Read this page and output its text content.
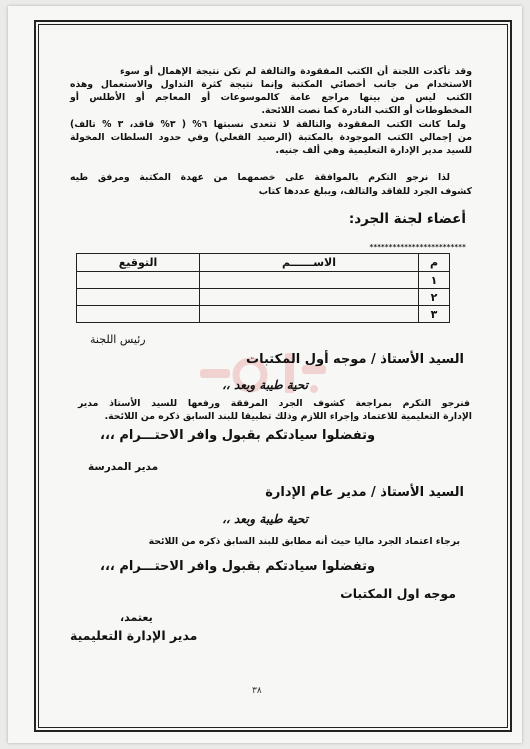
وقد تأكدت اللجنة أن الكتب المفقودة والتالفة لم تكن نتيجة الإهمال أو سوء
الاستخدام من جانب أخصائي المكتبة وإنما نتيجة كثرة التداول والاستعمال وهذه
الكتب ليس من بينها مراجع عامة كالموسوعات أو المعاجم أو الأطلس أو
المخطوطات أو الكتب النادرة كما نصت اللائحة.
ولما كانت الكتب المفقودة والتالفة لا تتعدى نسبتها ٦% ( ٣% فاقد، ٣ % تالف)
من إجمالي الكتب الموجودة بالمكتبة (الرصيد الفعلي) وفي حدود السلطات المخولة
للسيد مدير الإدارة التعليمية وهي ألف جنيه.
لذا نرجو التكرم بالموافقة على خصمهما من عهدة المكتبة ومرفق طيه
كشوف الجرد للفاقد والتالف، ويبلغ عددها كتاب
أعضاء لجنة الجرد:
*************************
م	الاســــــم	التوقيع
١		
٢		
٣		
رئيس اللجنة
السيد الأستاذ / موجه أول المكتبات
تحية طيبة وبعد ،،
فنرجو التكرم بمراجعة كشوف الجرد المرفقة ورفعها للسيد الأستاذ مدير
الإدارة التعليمية للاعتماد وإجراء اللازم وذلك تطبيقا للبند السابق ذكره من اللائحة.
وتفضلوا سيادتكم بقبول وافر الاحتـــرام ،،،
مدير المدرسة
السيد الأستاذ / مدير عام الإدارة
تحية طيبة وبعد ،،
برجاء اعتماد الجرد ماليا حيث أنه مطابق للبند السابق ذكره من اللائحة
وتفضلوا سيادتكم بقبول وافر الاحتـــرام ،،،
موجه اول المكتبات
يعتمد،
مدير الإدارة التعليمية
٣٨
